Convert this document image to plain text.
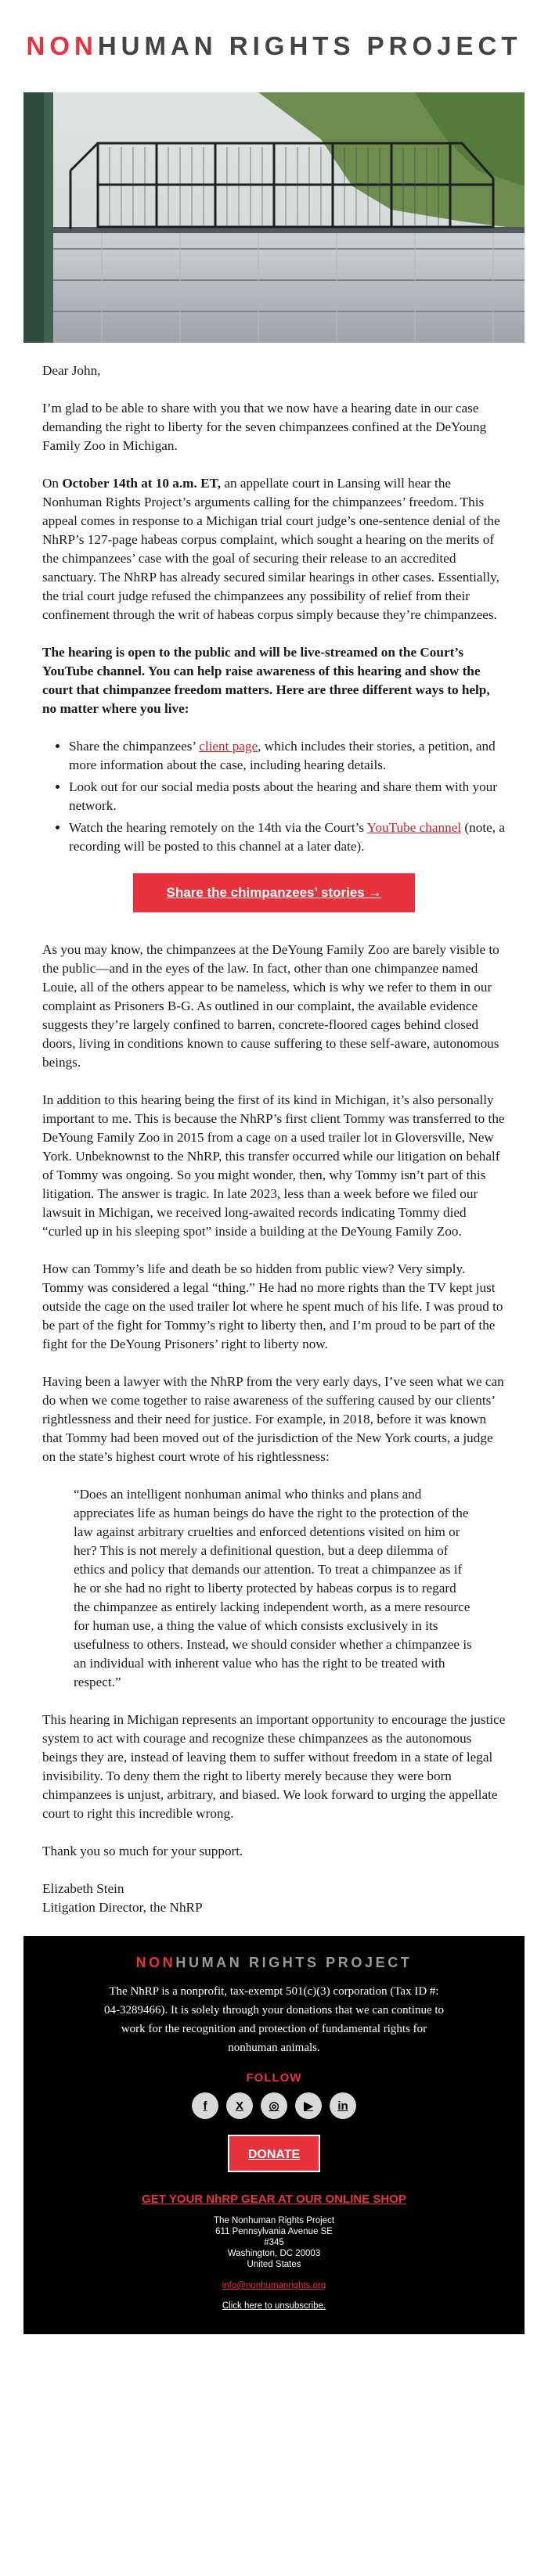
NONHUMAN RIGHTS PROJECT

Dear John,

I’m glad to be able to share with you that we now have a hearing date in our case demanding the right to liberty for the seven chimpanzees confined at the DeYoung Family Zoo in Michigan.

On October 14th at 10 a.m. ET, an appellate court in Lansing will hear the Nonhuman Rights Project’s arguments calling for the chimpanzees’ freedom. This appeal comes in response to a Michigan trial court judge’s one-sentence denial of the NhRP’s 127-page habeas corpus complaint, which sought a hearing on the merits of the chimpanzees’ case with the goal of securing their release to an accredited sanctuary. The NhRP has already secured similar hearings in other cases. Essentially, the trial court judge refused the chimpanzees any possibility of relief from their confinement through the writ of habeas corpus simply because they’re chimpanzees.

The hearing is open to the public and will be live-streamed on the Court’s YouTube channel. You can help raise awareness of this hearing and show the court that chimpanzee freedom matters. Here are three different ways to help, no matter where you live:

• Share the chimpanzees’ client page, which includes their stories, a petition, and more information about the case, including hearing details.
• Look out for our social media posts about the hearing and share them with your network.
• Watch the hearing remotely on the 14th via the Court’s YouTube channel (note, a recording will be posted to this channel at a later date).
Share the chimpanzees’ stories →

As you may know, the chimpanzees at the DeYoung Family Zoo are barely visible to the public—and in the eyes of the law. In fact, other than one chimpanzee named Louie, all of the others appear to be nameless, which is why we refer to them in our complaint as Prisoners B-G. As outlined in our complaint, the available evidence suggests they’re largely confined to barren, concrete-floored cages behind closed doors, living in conditions known to cause suffering to these self-aware, autonomous beings.

In addition to this hearing being the first of its kind in Michigan, it’s also personally important to me. This is because the NhRP’s first client Tommy was transferred to the DeYoung Family Zoo in 2015 from a cage on a used trailer lot in Gloversville, New York. Unbeknownst to the NhRP, this transfer occurred while our litigation on behalf of Tommy was ongoing. So you might wonder, then, why Tommy isn’t part of this litigation. The answer is tragic. In late 2023, less than a week before we filed our lawsuit in Michigan, we received long-awaited records indicating Tommy died “curled up in his sleeping spot” inside a building at the DeYoung Family Zoo.

How can Tommy’s life and death be so hidden from public view? Very simply. Tommy was considered a legal “thing.” He had no more rights than the TV kept just outside the cage on the used trailer lot where he spent much of his life. I was proud to be part of the fight for Tommy’s right to liberty then, and I’m proud to be part of the fight for the DeYoung Prisoners’ right to liberty now.

Having been a lawyer with the NhRP from the very early days, I’ve seen what we can do when we come together to raise awareness of the suffering caused by our clients’ rightlessness and their need for justice. For example, in 2018, before it was known that Tommy had been moved out of the jurisdiction of the New York courts, a judge on the state’s highest court wrote of his rightlessness:

“Does an intelligent nonhuman animal who thinks and plans and appreciates life as human beings do have the right to the protection of the law against arbitrary cruelties and enforced detentions visited on him or her? This is not merely a definitional question, but a deep dilemma of ethics and policy that demands our attention. To treat a chimpanzee as if he or she had no right to liberty protected by habeas corpus is to regard the chimpanzee as entirely lacking independent worth, as a mere resource for human use, a thing the value of which consists exclusively in its usefulness to others. Instead, we should consider whether a chimpanzee is an individual with inherent value who has the right to be treated with respect.”

This hearing in Michigan represents an important opportunity to encourage the justice system to act with courage and recognize these chimpanzees as the autonomous beings they are, instead of leaving them to suffer without freedom in a state of legal invisibility. To deny them the right to liberty merely because they were born chimpanzees is unjust, arbitrary, and biased. We look forward to urging the appellate court to right this incredible wrong.

Thank you so much for your support.

Elizabeth Stein

Litigation Director, the NhRP

NONHUMAN RIGHTS PROJECT

The NhRP is a nonprofit, tax-exempt 501(c)(3) corporation (Tax ID #: 04-3289466). It is solely through your donations that we can continue to work for the recognition and protection of fundamental rights for nonhuman animals.

FOLLOW
f	X	◎	▶	in
DONATE
GET YOUR NhRP GEAR AT OUR ONLINE SHOP
The Nonhuman Rights Project
611 Pennsylvania Avenue SE
#345
Washington, DC 20003
United States
info@nonhumanrights.org
Click here to unsubscribe.
